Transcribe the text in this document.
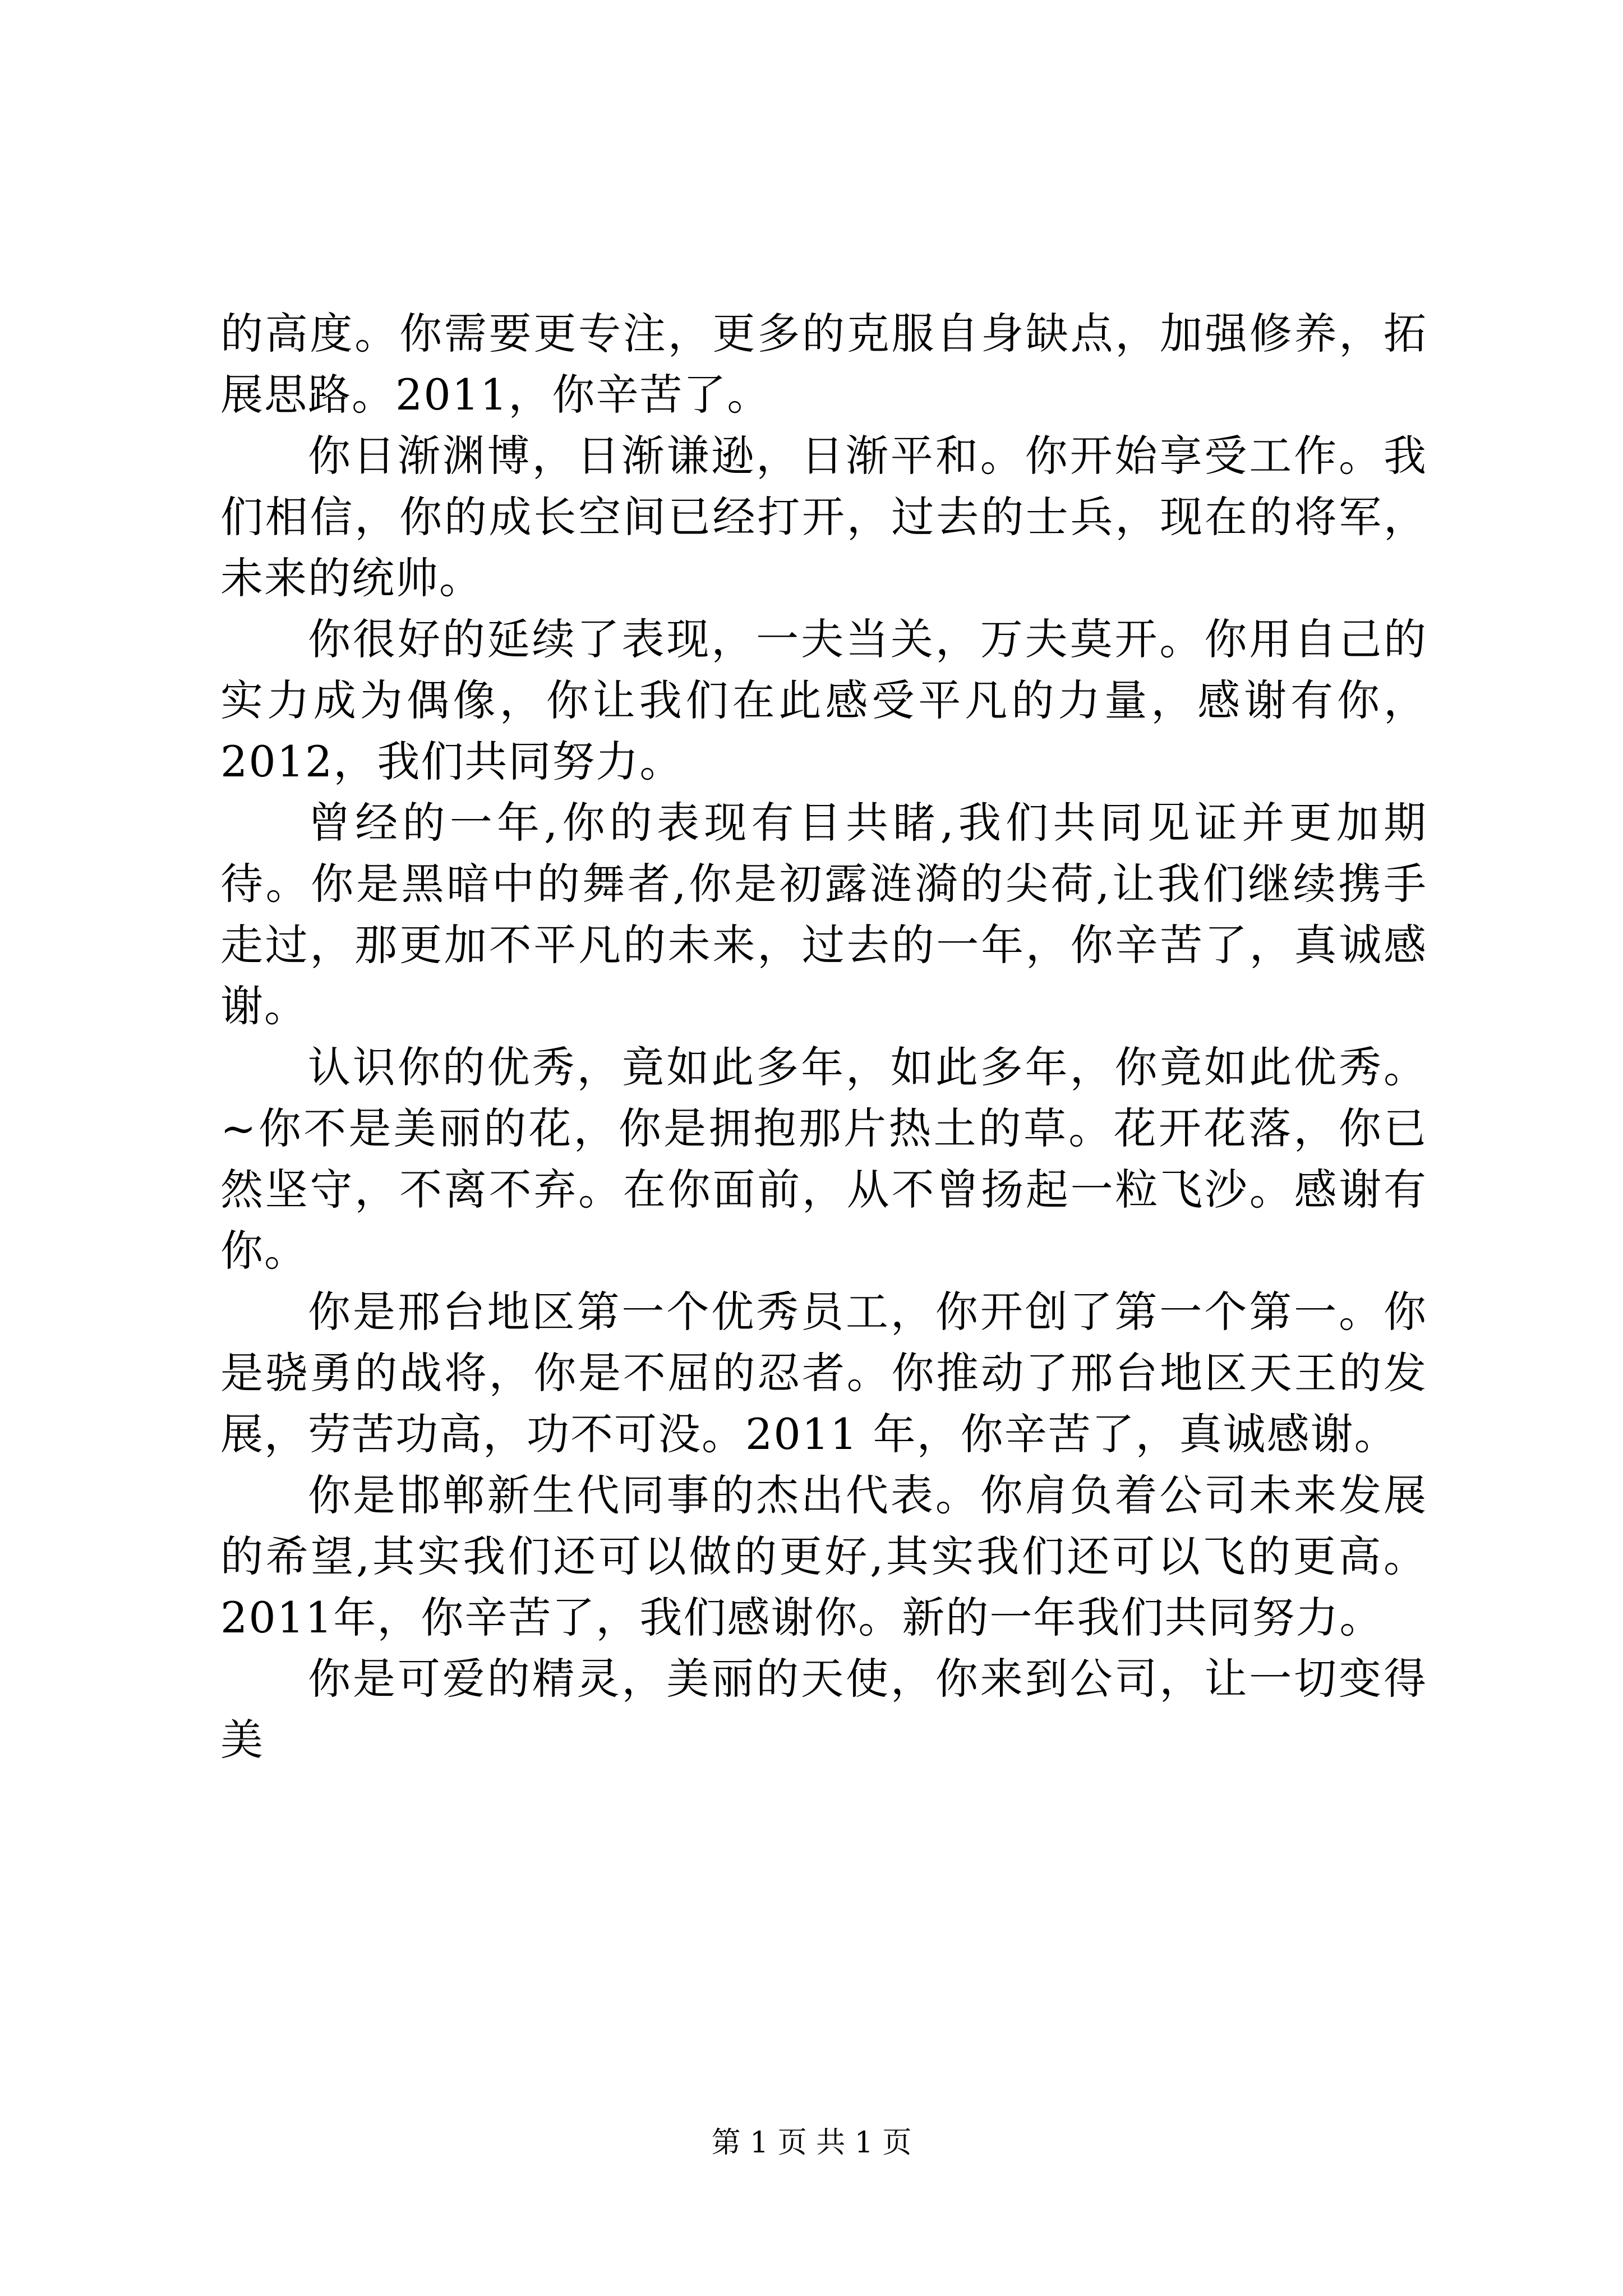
的高度。你需要更专注，更多的克服自身缺点，加强修养，拓展思路。2011，你辛苦了。

你日渐渊博，日渐谦逊，日渐平和。你开始享受工作。我们相信，你的成长空间已经打开，过去的士兵，现在的将军，未来的统帅。

你很好的延续了表现，一夫当关，万夫莫开。你用自己的实力成为偶像，你让我们在此感受平凡的力量，感谢有你，2012，我们共同努力。

曾经的一年,你的表现有目共睹,我们共同见证并更加期待。你是黑暗中的舞者,你是初露涟漪的尖荷,让我们继续携手走过，那更加不平凡的未来，过去的一年，你辛苦了，真诚感谢。

认识你的优秀，竟如此多年，如此多年，你竟如此优秀。~你不是美丽的花，你是拥抱那片热土的草。花开花落，你已然坚守，不离不弃。在你面前，从不曾扬起一粒飞沙。感谢有你。

你是邢台地区第一个优秀员工，你开创了第一个第一。你是骁勇的战将，你是不屈的忍者。你推动了邢台地区天王的发展，劳苦功高，功不可没。2011 年，你辛苦了，真诚感谢。

你是邯郸新生代同事的杰出代表。你肩负着公司未来发展的希望,其实我们还可以做的更好,其实我们还可以飞的更高。2011年，你辛苦了，我们感谢你。新的一年我们共同努力。

你是可爱的精灵，美丽的天使，你来到公司，让一切变得美

第 1 页 共 1 页
